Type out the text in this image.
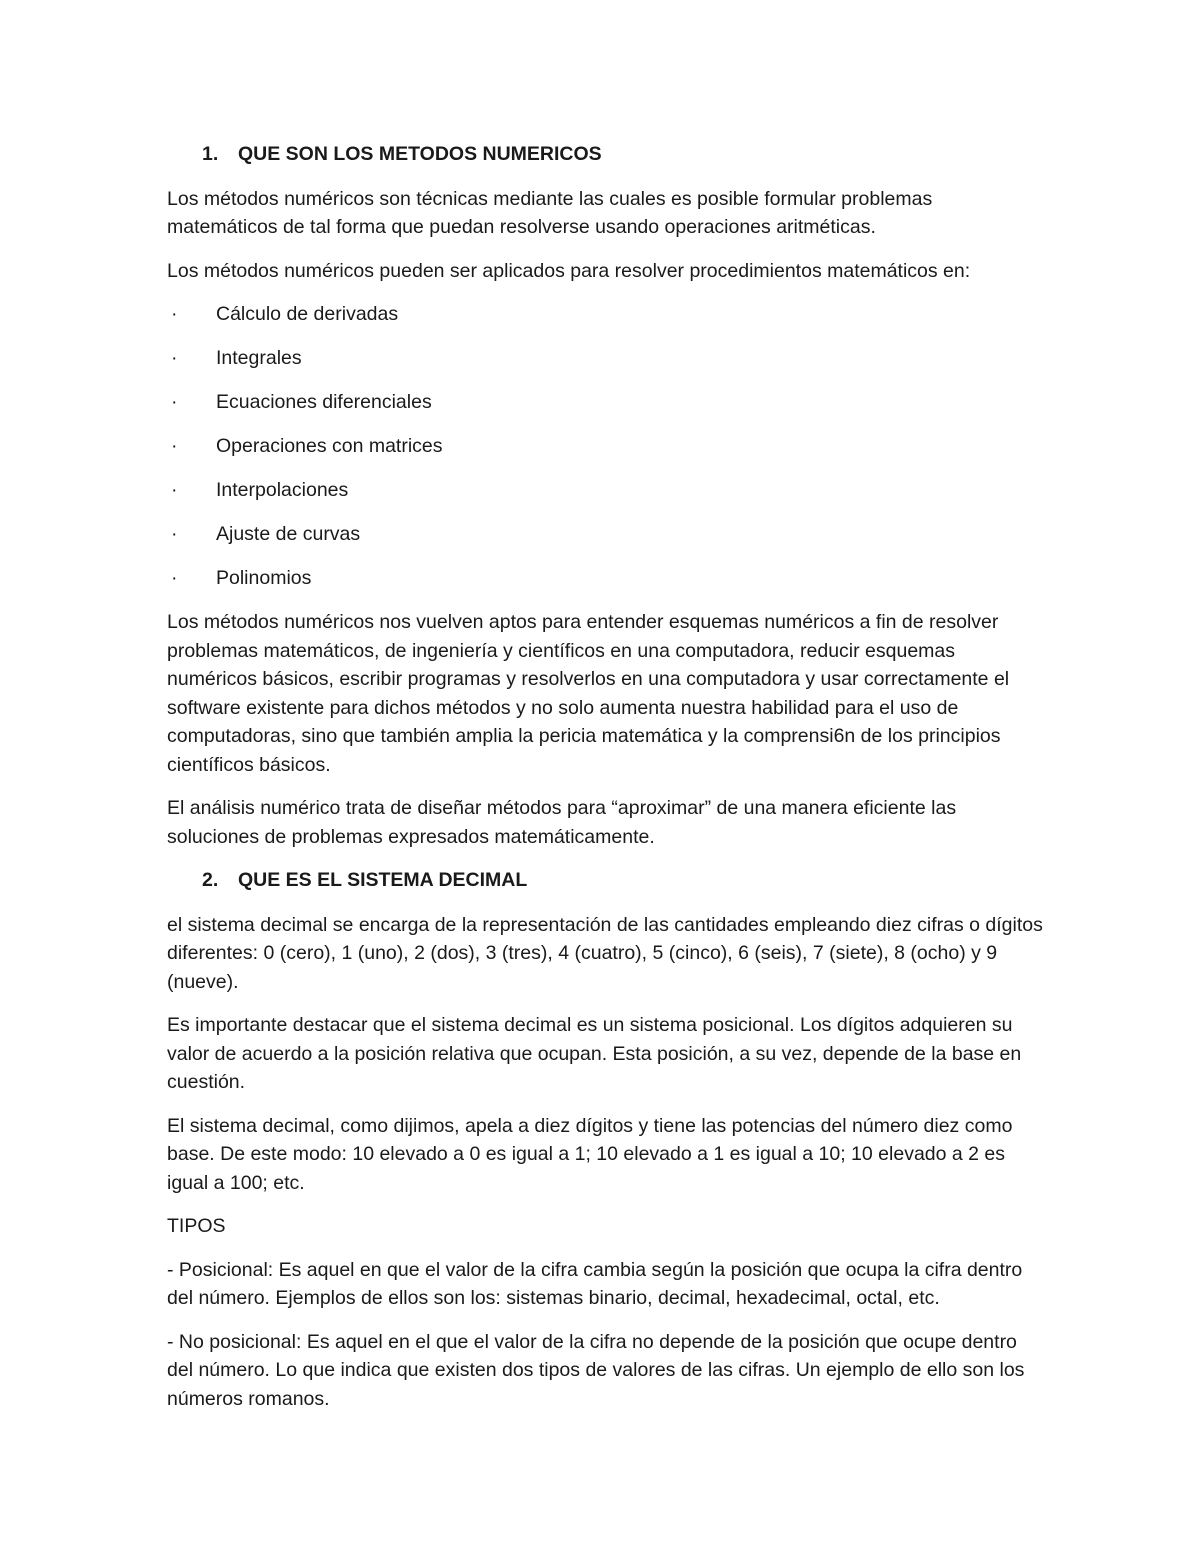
1.	QUE SON LOS METODOS NUMERICOS

Los métodos numéricos son técnicas mediante las cuales es posible formular problemas matemáticos de tal forma que puedan resolverse usando operaciones aritméticas.

Los métodos numéricos pueden ser aplicados para resolver procedimientos matemáticos en:

·	Cálculo de derivadas
·	Integrales
·	Ecuaciones diferenciales
·	Operaciones con matrices
·	Interpolaciones
·	Ajuste de curvas
·	Polinomios

Los métodos numéricos nos vuelven aptos para entender esquemas numéricos a fin de resolver problemas matemáticos, de ingeniería y científicos en una computadora, reducir esquemas numéricos básicos, escribir programas y resolverlos en una computadora y usar correctamente el software existente para dichos métodos y no solo aumenta nuestra habilidad para el uso de computadoras, sino que también amplia la pericia matemática y la comprensi6n de los principios científicos básicos.

El análisis numérico trata de diseñar métodos para “aproximar” de una manera eficiente las soluciones de problemas expresados matemáticamente.

2.	QUE ES EL SISTEMA DECIMAL

el sistema decimal se encarga de la representación de las cantidades empleando diez cifras o dígitos diferentes: 0 (cero), 1 (uno), 2 (dos), 3 (tres), 4 (cuatro), 5 (cinco), 6 (seis), 7 (siete), 8 (ocho) y 9 (nueve).

Es importante destacar que el sistema decimal es un sistema posicional. Los dígitos adquieren su valor de acuerdo a la posición relativa que ocupan. Esta posición, a su vez, depende de la base en cuestión.

El sistema decimal, como dijimos, apela a diez dígitos y tiene las potencias del número diez como base. De este modo: 10 elevado a 0 es igual a 1; 10 elevado a 1 es igual a 10; 10 elevado a 2 es igual a 100; etc.

TIPOS

- Posicional: Es aquel en que el valor de la cifra cambia según la posición que ocupa la cifra dentro del número. Ejemplos de ellos son los: sistemas binario, decimal, hexadecimal, octal, etc.

- No posicional: Es aquel en el que el valor de la cifra no depende de la posición que ocupe dentro del número. Lo que indica que existen dos tipos de valores de las cifras. Un ejemplo de ello son los números romanos.
